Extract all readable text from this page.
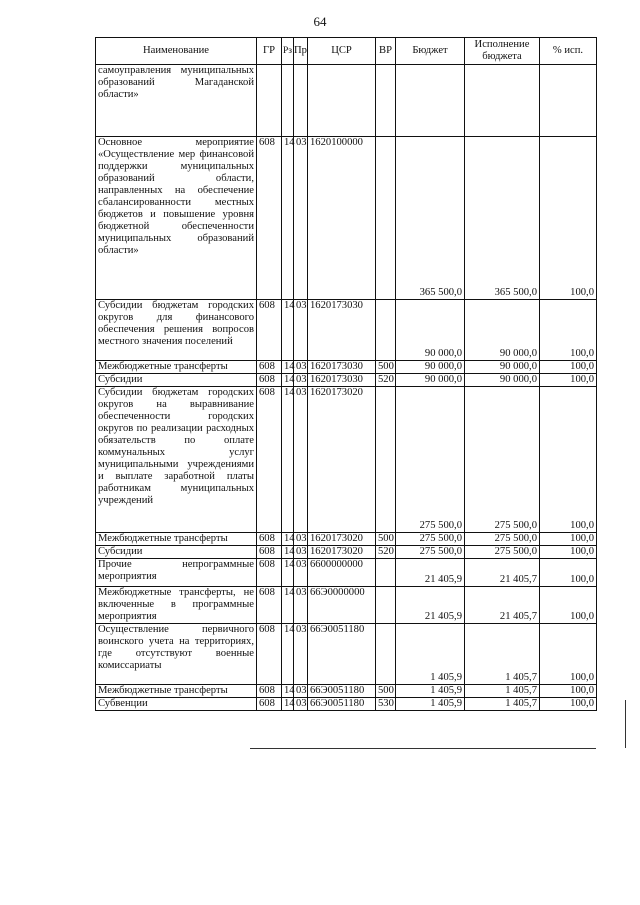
64
Наименование	ГР	Рз	Пр	ЦСР	ВР	Бюджет	Исполнение бюджета	% исп.
самоуправления муниципальных образований Магаданской области»								
Основное мероприятие «Осуществление мер финансовой поддержки муниципальных образований области, направленных на обеспечение сбалансированности местных бюджетов и повышение уровня бюджетной обеспеченности муниципальных образований области»	608	14	03	1620100000		365 500,0	365 500,0	100,0
Субсидии бюджетам городских округов для финансового обеспечения решения вопросов местного значения поселений	608	14	03	1620173030		90 000,0	90 000,0	100,0
Межбюджетные трансферты	608	14	03	1620173030	500	90 000,0	90 000,0	100,0
Субсидии	608	14	03	1620173030	520	90 000,0	90 000,0	100,0
Субсидии бюджетам городских округов на выравнивание обеспеченности городских округов по реализации расходных обязательств по оплате коммунальных услуг муниципальными учреждениями и выплате заработной платы работникам муниципальных учреждений	608	14	03	1620173020		275 500,0	275 500,0	100,0
Межбюджетные трансферты	608	14	03	1620173020	500	275 500,0	275 500,0	100,0
Субсидии	608	14	03	1620173020	520	275 500,0	275 500,0	100,0
Прочие непрограммные мероприятия	608	14	03	6600000000		21 405,9	21 405,7	100,0
Межбюджетные трансферты, не включенные в программные мероприятия	608	14	03	66Э0000000		21 405,9	21 405,7	100,0
Осуществление первичного воинского учета на территориях, где отсутствуют военные комиссариаты	608	14	03	66Э0051180		1 405,9	1 405,7	100,0
Межбюджетные трансферты	608	14	03	66Э0051180	500	1 405,9	1 405,7	100,0
Субвенции	608	14	03	66Э0051180	530	1 405,9	1 405,7	100,0
